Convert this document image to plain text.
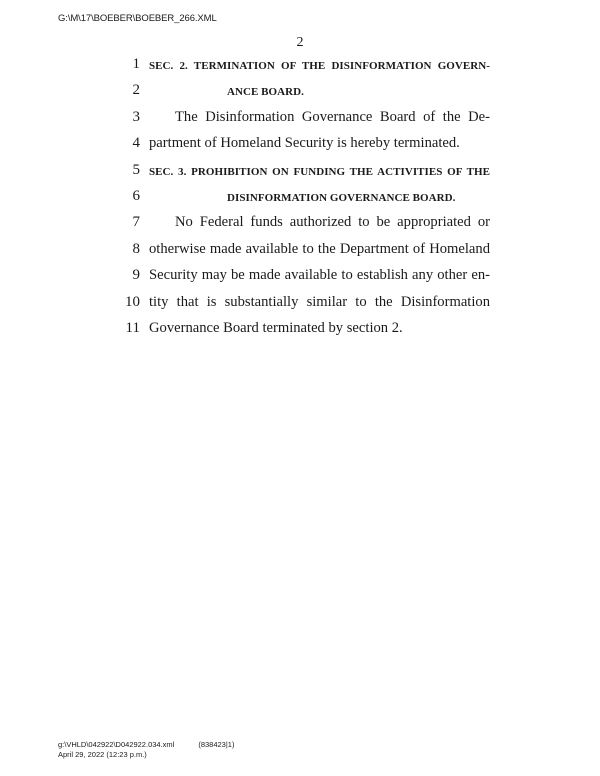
G:\M\17\BOEBER\BOEBER_266.XML
2
1 SEC. 2. TERMINATION OF THE DISINFORMATION GOVERN-
2	ANCE BOARD.
3 The Disinformation Governance Board of the De-
4 partment of Homeland Security is hereby terminated.
5 SEC. 3. PROHIBITION ON FUNDING THE ACTIVITIES OF THE
6	DISINFORMATION GOVERNANCE BOARD.
7 No Federal funds authorized to be appropriated or
8 otherwise made available to the Department of Homeland
9 Security may be made available to establish any other en-
10 tity that is substantially similar to the Disinformation
11 Governance Board terminated by section 2.
g:\VHLD\042922\D042922.034.xml	(838423|1)
April 29, 2022 (12:23 p.m.)
